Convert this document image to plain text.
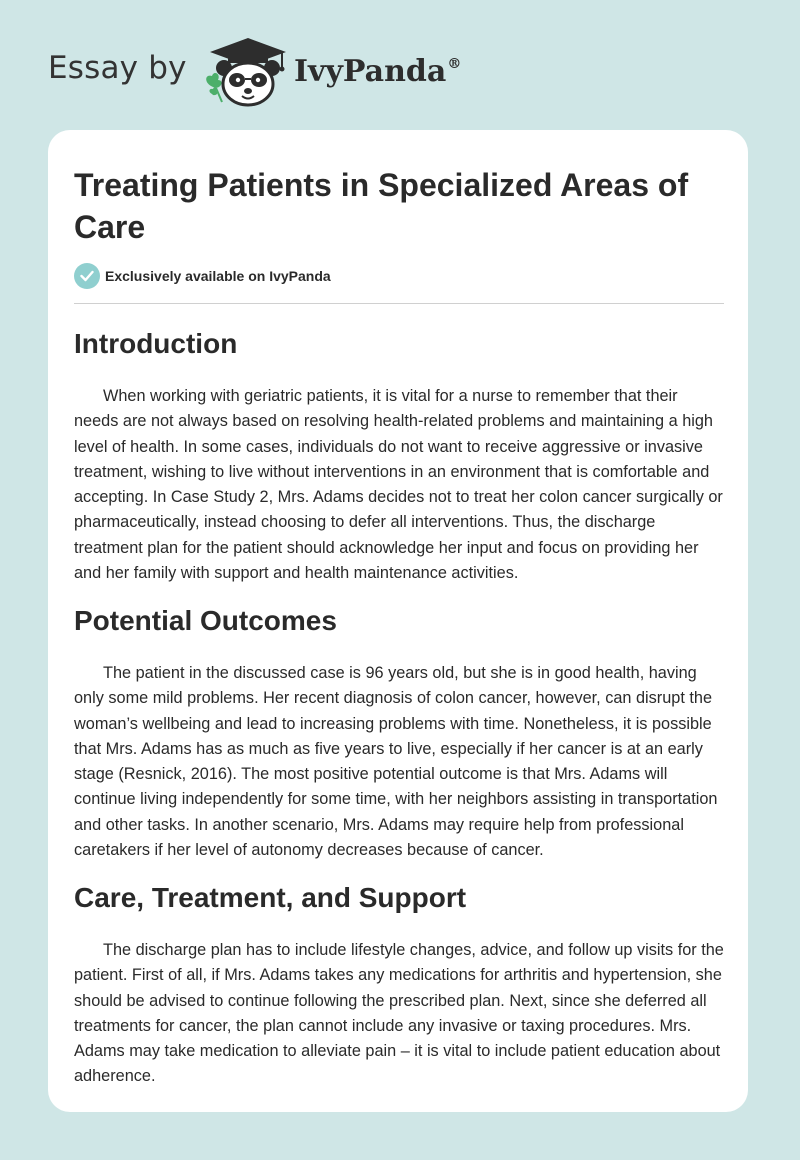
Essay by	IvyPanda®
Treating Patients in Specialized Areas of Care
Exclusively available on IvyPanda
Introduction

When working with geriatric patients, it is vital for a nurse to remember that their needs are not always based on resolving health-related problems and maintaining a high level of health. In some cases, individuals do not want to receive aggressive or invasive treatment, wishing to live without interventions in an environment that is comfortable and accepting. In Case Study 2, Mrs. Adams decides not to treat her colon cancer surgically or pharmaceutically, instead choosing to defer all interventions. Thus, the discharge treatment plan for the patient should acknowledge her input and focus on providing her and her family with support and health maintenance activities.

Potential Outcomes

The patient in the discussed case is 96 years old, but she is in good health, having only some mild problems. Her recent diagnosis of colon cancer, however, can disrupt the woman’s wellbeing and lead to increasing problems with time. Nonetheless, it is possible that Mrs. Adams has as much as five years to live, especially if her cancer is at an early stage (Resnick, 2016). The most positive potential outcome is that Mrs. Adams will continue living independently for some time, with her neighbors assisting in transportation and other tasks. In another scenario, Mrs. Adams may require help from professional caretakers if her level of autonomy decreases because of cancer.

Care, Treatment, and Support

The discharge plan has to include lifestyle changes, advice, and follow up visits for the patient. First of all, if Mrs. Adams takes any medications for arthritis and hypertension, she should be advised to continue following the prescribed plan. Next, since she deferred all treatments for cancer, the plan cannot include any invasive or taxing procedures. Mrs. Adams may take medication to alleviate pain – it is vital to include patient education about adherence.
